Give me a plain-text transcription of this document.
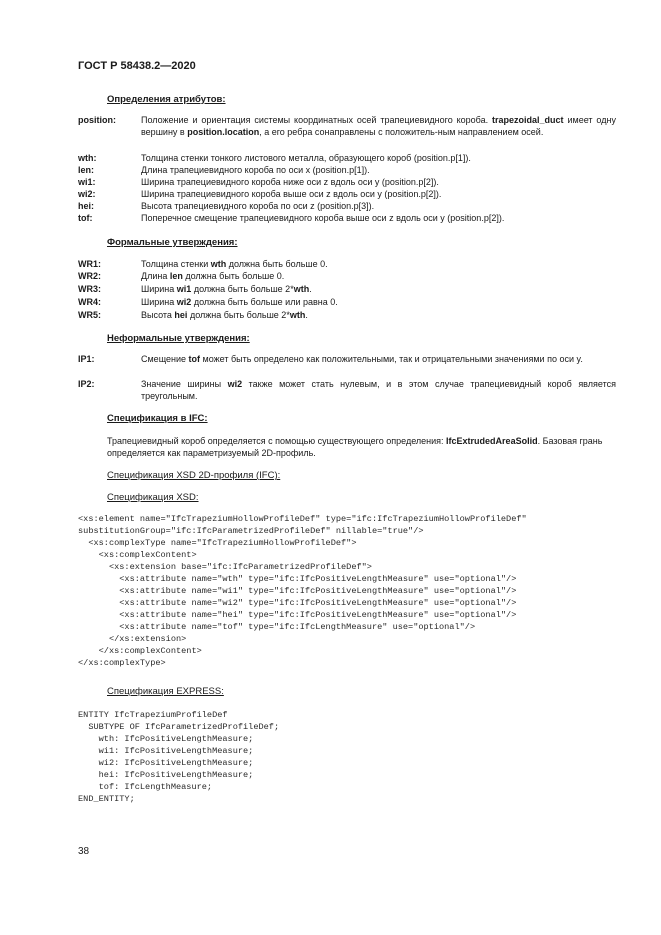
ГОСТ Р 58438.2—2020
Определения атрибутов:
position:	Положение и ориентация системы координатных осей трапециевидного короба. trapezoidal_duct имеет одну вершину в position.location, а его ребра сонаправлены с положитель-ным направлением осей.
wth:	Толщина стенки тонкого листового металла, образующего короб (position.p[1]).
len:	Длина трапециевидного короба по оси x (position.p[1]).
wi1:	Ширина трапециевидного короба ниже оси z вдоль оси y (position.p[2]).
wi2:	Ширина трапециевидного короба выше оси z вдоль оси y (position.p[2]).
hei:	Высота трапециевидного короба по оси z (position.p[3]).
tof:	Поперечное смещение трапециевидного короба выше оси z вдоль оси y (position.p[2]).
Формальные утверждения:
WR1:	Толщина стенки wth должна быть больше 0.
WR2:	Длина len должна быть больше 0.
WR3:	Ширина wi1 должна быть больше 2*wth.
WR4:	Ширина wi2 должна быть больше или равна 0.
WR5:	Высота hei должна быть больше 2*wth.
Неформальные утверждения:
IP1:	Смещение tof может быть определено как положительными, так и отрицательными значениями по оси y.
IP2:	Значение ширины wi2 также может стать нулевым, и в этом случае трапециевидный короб является треугольным.
Спецификация в IFC:
Трапециевидный короб определяется с помощью существующего определения: IfcExtrudedAreaSolid. Базовая грань определяется как параметризуемый 2D-профиль.
Спецификация XSD 2D-профиля (IFC):
Спецификация XSD:
<xs:element name="IfcTrapeziumHollowProfileDef" type="ifc:IfcTrapeziumHollowProfileDef"
substitutionGroup="ifc:IfcParametrizedProfileDef" nillable="true"/>
<xs:complexType name="IfcTrapeziumHollowProfileDef">
<xs:complexContent>
<xs:extension base="ifc:IfcParametrizedProfileDef">
<xs:attribute name="wth" type="ifc:IfcPositiveLengthMeasure" use="optional"/>
<xs:attribute name="wi1" type="ifc:IfcPositiveLengthMeasure" use="optional"/>
<xs:attribute name="wi2" type="ifc:IfcPositiveLengthMeasure" use="optional"/>
<xs:attribute name="hei" type="ifc:IfcPositiveLengthMeasure" use="optional"/>
<xs:attribute name="tof" type="ifc:IfcLengthMeasure" use="optional"/>
</xs:extension>
</xs:complexContent>
</xs:complexType>
Спецификация EXPRESS:
ENTITY IfcTrapeziumProfileDef
SUBTYPE OF IfcParametrizedProfileDef;
wth: IfcPositiveLengthMeasure;
wi1: IfcPositiveLengthMeasure;
wi2: IfcPositiveLengthMeasure;
hei: IfcPositiveLengthMeasure;
tof: IfcLengthMeasure;
END_ENTITY;
38
